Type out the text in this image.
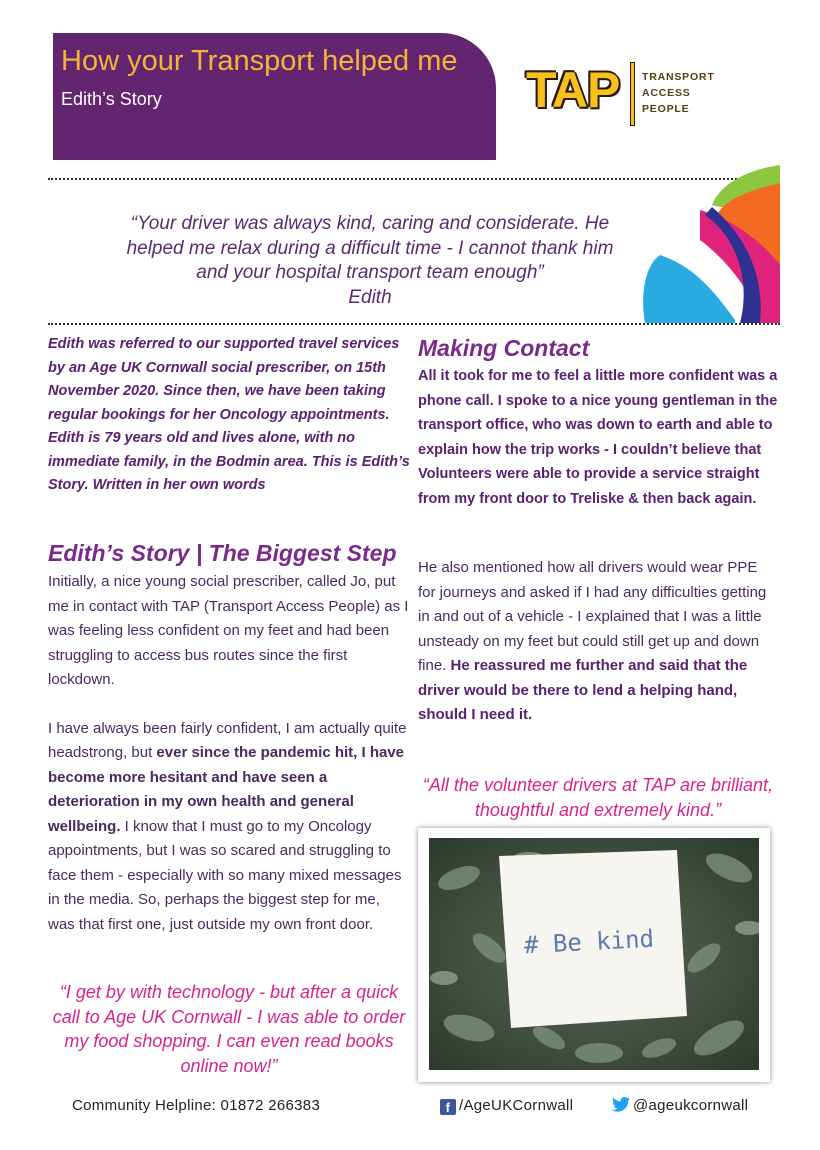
How your Transport helped me
Edith’s Story	TAP TRANSPORT
ACCESS
PEOPLE
“Your driver was always kind, caring and considerate. He
helped me relax during a difficult time - I cannot thank him
and your hospital transport team enough”
Edith
Edith was referred to our supported travel services by an Age UK Cornwall social prescriber, on 15th November 2020. Since then, we have been taking regular bookings for her Oncology appointments. Edith is 79 years old and lives alone, with no immediate family, in the Bodmin area. This is Edith’s Story. Written in her own words
Edith’s Story | The Biggest Step

Initially, a nice young social prescriber, called Jo, put me in contact with TAP (Transport Access People) as I was feeling less confident on my feet and had been struggling to access bus routes since the first lockdown.

I have always been fairly confident, I am actually quite headstrong, but ever since the pandemic hit, I have become more hesitant and have seen a deterioration in my own health and general wellbeing. I know that I must go to my Oncology appointments, but I was so scared and struggling to face them - especially with so many mixed messages in the media. So, perhaps the biggest step for me, was that first one, just outside my own front door.

Making Contact
All it took for me to feel a little more confident was a phone call. I spoke to a nice young gentleman in the transport office, who was down to earth and able to explain how the trip works - I couldn’t believe that Volunteers were able to provide a service straight from my front door to Treliske & then back again.
He also mentioned how all drivers would wear PPE for journeys and asked if I had any difficulties getting in and out of a vehicle - I explained that I was a little unsteady on my feet but could still get up and down fine. He reassured me further and said that the driver would be there to lend a helping hand, should I need it.
“All the volunteer drivers at TAP are brilliant, thoughtful and extremely kind.”
# Be kind
“I get by with technology - but after a quick call to Age UK Cornwall - I was able to order my food shopping. I can even read books online now!”
Community Helpline: 01872 266383	f /AgeUKCornwall	@ageukcornwall
